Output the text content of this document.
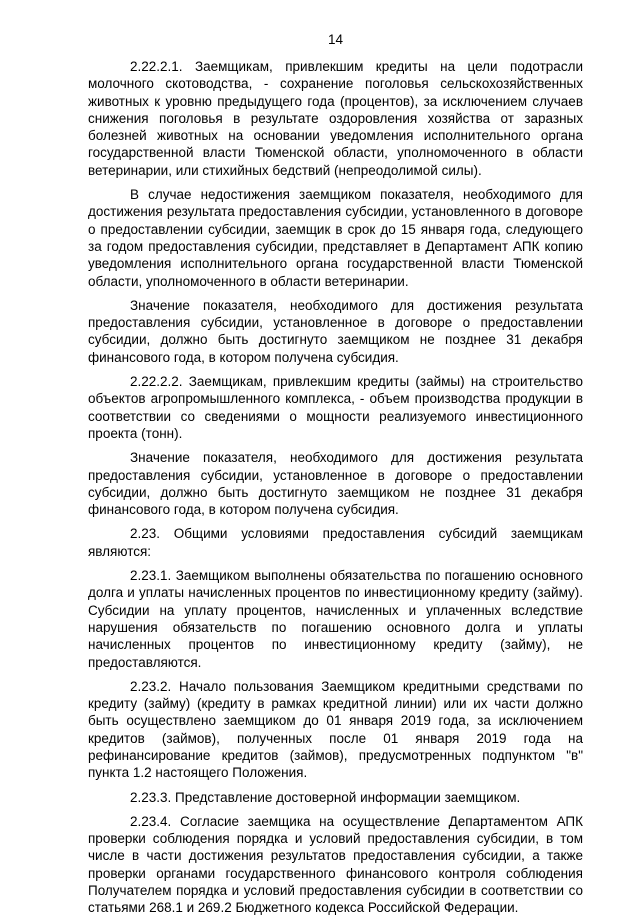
14

2.22.2.1. Заемщикам, привлекшим кредиты на цели подотрасли молочного скотоводства, - сохранение поголовья сельскохозяйственных животных к уровню предыдущего года (процентов), за исключением случаев снижения поголовья в результате оздоровления хозяйства от заразных болезней животных на основании уведомления исполнительного органа государственной власти Тюменской области, уполномоченного в области ветеринарии, или стихийных бедствий (непреодолимой силы).

В случае недостижения заемщиком показателя, необходимого для достижения результата предоставления субсидии, установленного в договоре о предоставлении субсидии, заемщик в срок до 15 января года, следующего за годом предоставления субсидии, представляет в Департамент АПК копию уведомления исполнительного органа государственной власти Тюменской области, уполномоченного в области ветеринарии.

Значение показателя, необходимого для достижения результата предоставления субсидии, установленное в договоре о предоставлении субсидии, должно быть достигнуто заемщиком не позднее 31 декабря финансового года, в котором получена субсидия.

2.22.2.2. Заемщикам, привлекшим кредиты (займы) на строительство объектов агропромышленного комплекса, - объем производства продукции в соответствии со сведениями о мощности реализуемого инвестиционного проекта (тонн).

Значение показателя, необходимого для достижения результата предоставления субсидии, установленное в договоре о предоставлении субсидии, должно быть достигнуто заемщиком не позднее 31 декабря финансового года, в котором получена субсидия.

2.23. Общими условиями предоставления субсидий заемщикам являются:

2.23.1. Заемщиком выполнены обязательства по погашению основного долга и уплаты начисленных процентов по инвестиционному кредиту (займу). Субсидии на уплату процентов, начисленных и уплаченных вследствие нарушения обязательств по погашению основного долга и уплаты начисленных процентов по инвестиционному кредиту (займу), не предоставляются.

2.23.2. Начало пользования Заемщиком кредитными средствами по кредиту (займу) (кредиту в рамках кредитной линии) или их части должно быть осуществлено заемщиком до 01 января 2019 года, за исключением кредитов (займов), полученных после 01 января 2019 года на рефинансирование кредитов (займов), предусмотренных подпунктом "в" пункта 1.2 настоящего Положения.

2.23.3. Представление достоверной информации заемщиком.

2.23.4. Согласие заемщика на осуществление Департаментом АПК проверки соблюдения порядка и условий предоставления субсидии, в том числе в части достижения результатов предоставления субсидии, а также проверки органами государственного финансового контроля соблюдения Получателем порядка и условий предоставления субсидии в соответствии со статьями 268.1 и 269.2 Бюджетного кодекса Российской Федерации.
